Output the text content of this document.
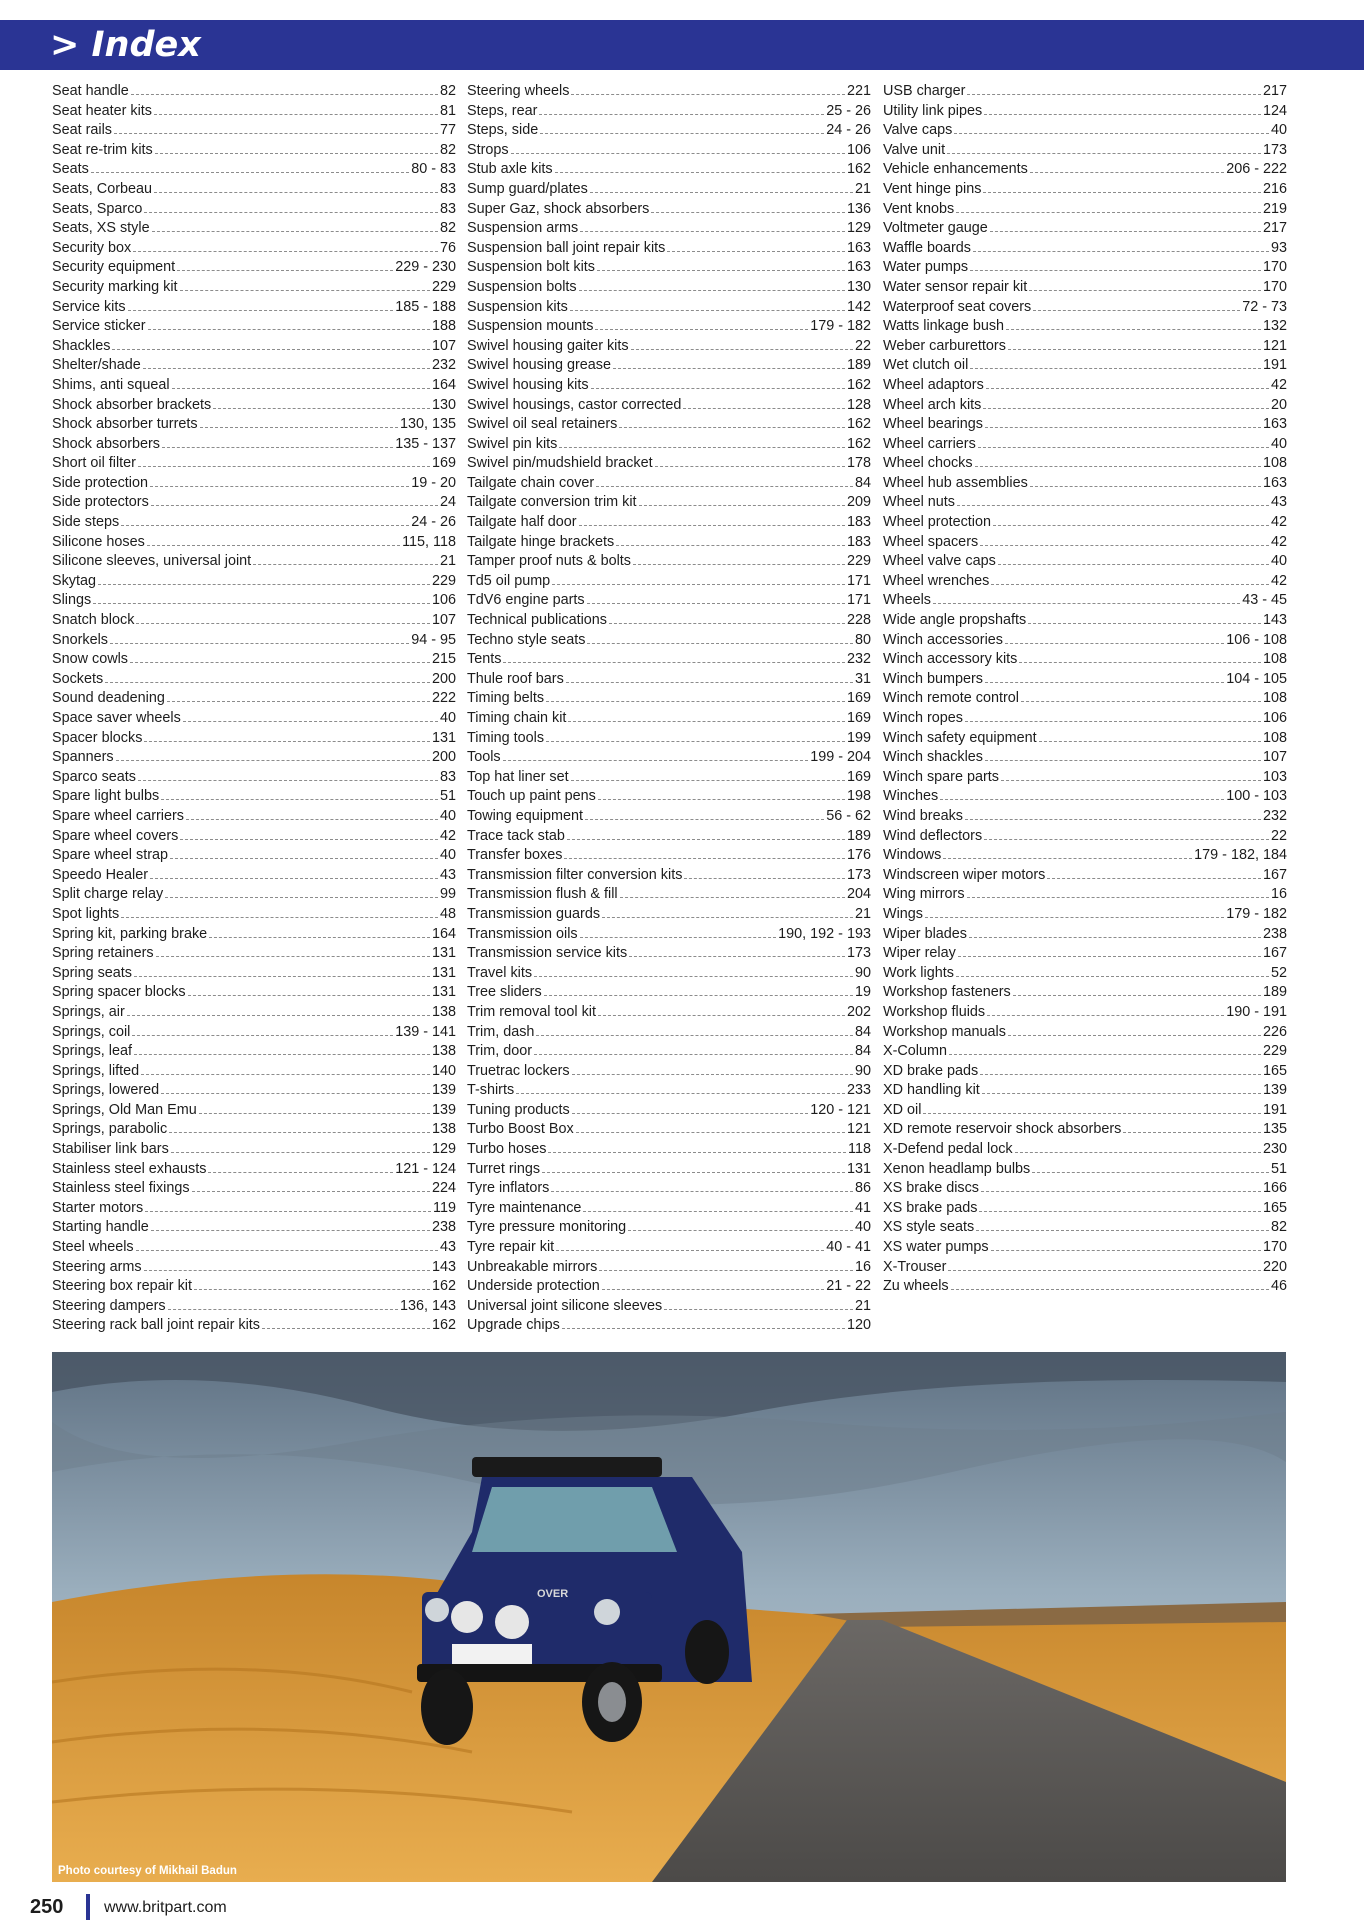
> Index
Seat handle	82
Seat heater kits	81
Seat rails	77
Seat re-trim kits	82
Seats	80 - 83
Seats, Corbeau	83
Seats, Sparco	83
Seats, XS style	82
Security box	76
Security equipment	229 - 230
Security marking kit	229
Service kits	185 - 188
Service sticker	188
Shackles	107
Shelter/shade	232
Shims, anti squeal	164
Shock absorber brackets	130
Shock absorber turrets	130, 135
Shock absorbers	135 - 137
Short oil filter	169
Side protection	19 - 20
Side protectors	24
Side steps	24 - 26
Silicone hoses	115, 118
Silicone sleeves, universal joint	21
Skytag	229
Slings	106
Snatch block	107
Snorkels	94 - 95
Snow cowls	215
Sockets	200
Sound deadening	222
Space saver wheels	40
Spacer blocks	131
Spanners	200
Sparco seats	83
Spare light bulbs	51
Spare wheel carriers	40
Spare wheel covers	42
Spare wheel strap	40
Speedo Healer	43
Split charge relay	99
Spot lights	48
Spring kit, parking brake	164
Spring retainers	131
Spring seats	131
Spring spacer blocks	131
Springs, air	138
Springs, coil	139 - 141
Springs, leaf	138
Springs, lifted	140
Springs, lowered	139
Springs, Old Man Emu	139
Springs, parabolic	138
Stabiliser link bars	129
Stainless steel exhausts	121 - 124
Stainless steel fixings	224
Starter motors	119
Starting handle	238
Steel wheels	43
Steering arms	143
Steering box repair kit	162
Steering dampers	136, 143
Steering rack ball joint repair kits	162
Steering wheels	221
Steps, rear	25 - 26
Steps, side	24 - 26
Strops	106
Stub axle kits	162
Sump guard/plates	21
Super Gaz, shock absorbers	136
Suspension arms	129
Suspension ball joint repair kits	163
Suspension bolt kits	163
Suspension bolts	130
Suspension kits	142
Suspension mounts	179 - 182
Swivel housing gaiter kits	22
Swivel housing grease	189
Swivel housing kits	162
Swivel housings, castor corrected	128
Swivel oil seal retainers	162
Swivel pin kits	162
Swivel pin/mudshield bracket	178
Tailgate chain cover	84
Tailgate conversion trim kit	209
Tailgate half door	183
Tailgate hinge brackets	183
Tamper proof nuts & bolts	229
Td5 oil pump	171
TdV6 engine parts	171
Technical publications	228
Techno style seats	80
Tents	232
Thule roof bars	31
Timing belts	169
Timing chain kit	169
Timing tools	199
Tools	199 - 204
Top hat liner set	169
Touch up paint pens	198
Towing equipment	56 - 62
Trace tack stab	189
Transfer boxes	176
Transmission filter conversion kits	173
Transmission flush & fill	204
Transmission guards	21
Transmission oils	190, 192 - 193
Transmission service kits	173
Travel kits	90
Tree sliders	19
Trim removal tool kit	202
Trim, dash	84
Trim, door	84
Truetrac lockers	90
T-shirts	233
Tuning products	120 - 121
Turbo Boost Box	121
Turbo hoses	118
Turret rings	131
Tyre inflators	86
Tyre maintenance	41
Tyre pressure monitoring	40
Tyre repair kit	40 - 41
Unbreakable mirrors	16
Underside protection	21 - 22
Universal joint silicone sleeves	21
Upgrade chips	120
USB charger	217
Utility link pipes	124
Valve caps	40
Valve unit	173
Vehicle enhancements	206 - 222
Vent hinge pins	216
Vent knobs	219
Voltmeter gauge	217
Waffle boards	93
Water pumps	170
Water sensor repair kit	170
Waterproof seat covers	72 - 73
Watts linkage bush	132
Weber carburettors	121
Wet clutch oil	191
Wheel adaptors	42
Wheel arch kits	20
Wheel bearings	163
Wheel carriers	40
Wheel chocks	108
Wheel hub assemblies	163
Wheel nuts	43
Wheel protection	42
Wheel spacers	42
Wheel valve caps	40
Wheel wrenches	42
Wheels	43 - 45
Wide angle propshafts	143
Winch accessories	106 - 108
Winch accessory kits	108
Winch bumpers	104 - 105
Winch remote control	108
Winch ropes	106
Winch safety equipment	108
Winch shackles	107
Winch spare parts	103
Winches	100 - 103
Wind breaks	232
Wind deflectors	22
Windows	179 - 182, 184
Windscreen wiper motors	167
Wing mirrors	16
Wings	179 - 182
Wiper blades	238
Wiper relay	167
Work lights	52
Workshop fasteners	189
Workshop fluids	190 - 191
Workshop manuals	226
X-Column	229
XD brake pads	165
XD handling kit	139
XD oil	191
XD remote reservoir shock absorbers	135
X-Defend pedal lock	230
Xenon headlamp bulbs	51
XS brake discs	166
XS brake pads	165
XS style seats	82
XS water pumps	170
X-Trouser	220
Zu wheels	46
OVER
Photo courtesy of Mikhail Badun
250	www.britpart.com
